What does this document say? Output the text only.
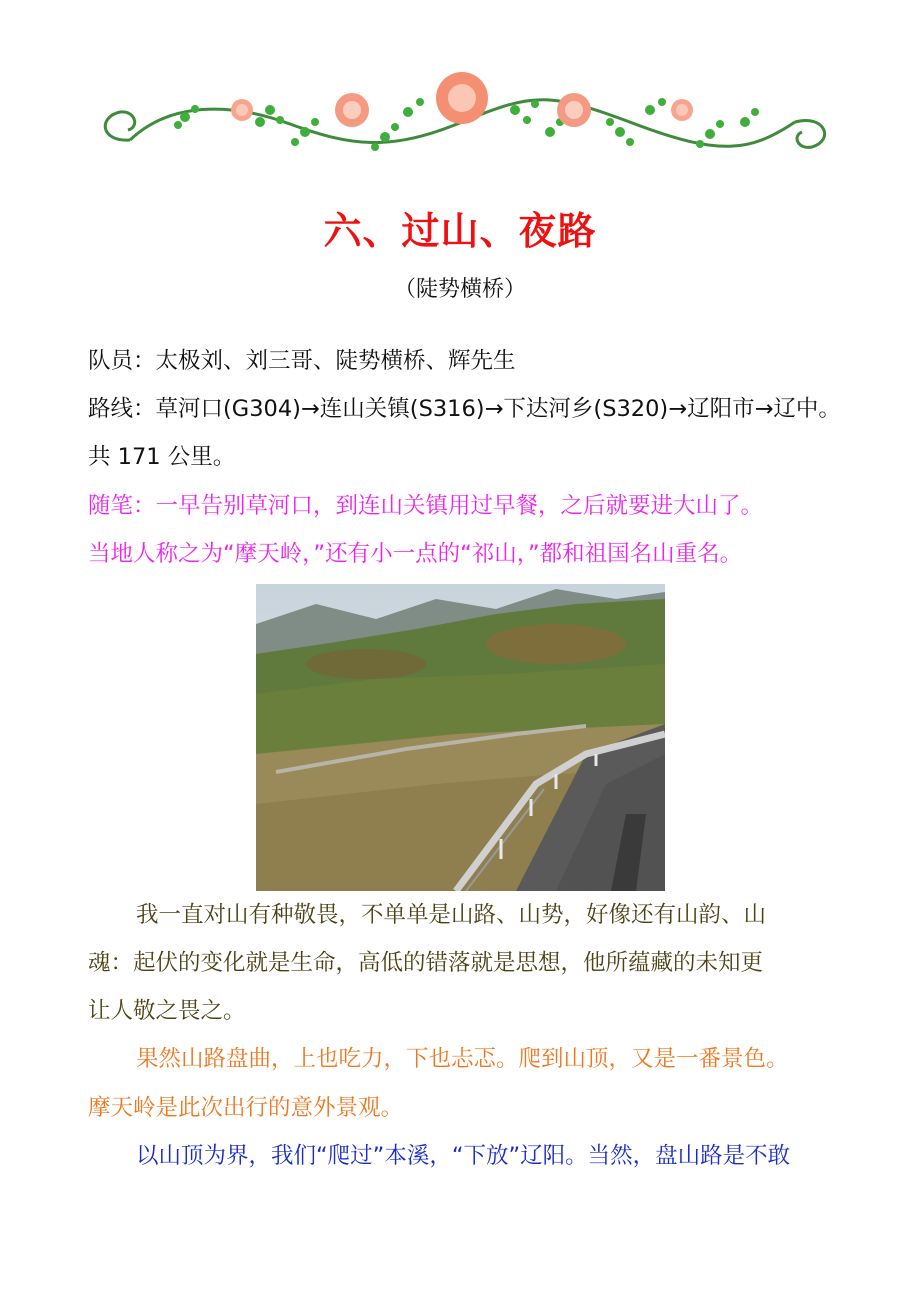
六、过山、夜路

（陡势横桥）

队员：太极刘、刘三哥、陡势横桥、辉先生

路线：草河口(G304)→连山关镇(S316)→下达河乡(S320)→辽阳市→辽中。

共 171 公里。

随笔：一早告别草河口，到连山关镇用过早餐，之后就要进大山了。

当地人称之为“摩天岭，”还有小一点的“祁山，”都和祖国名山重名。

我一直对山有种敬畏，不单单是山路、山势，好像还有山韵、山

魂：起伏的变化就是生命，高低的错落就是思想，他所蕴藏的未知更

让人敬之畏之。

果然山路盘曲，上也吃力，下也忐忑。爬到山顶，又是一番景色。

摩天岭是此次出行的意外景观。

以山顶为界，我们“爬过”本溪，“下放”辽阳。当然，盘山路是不敢
